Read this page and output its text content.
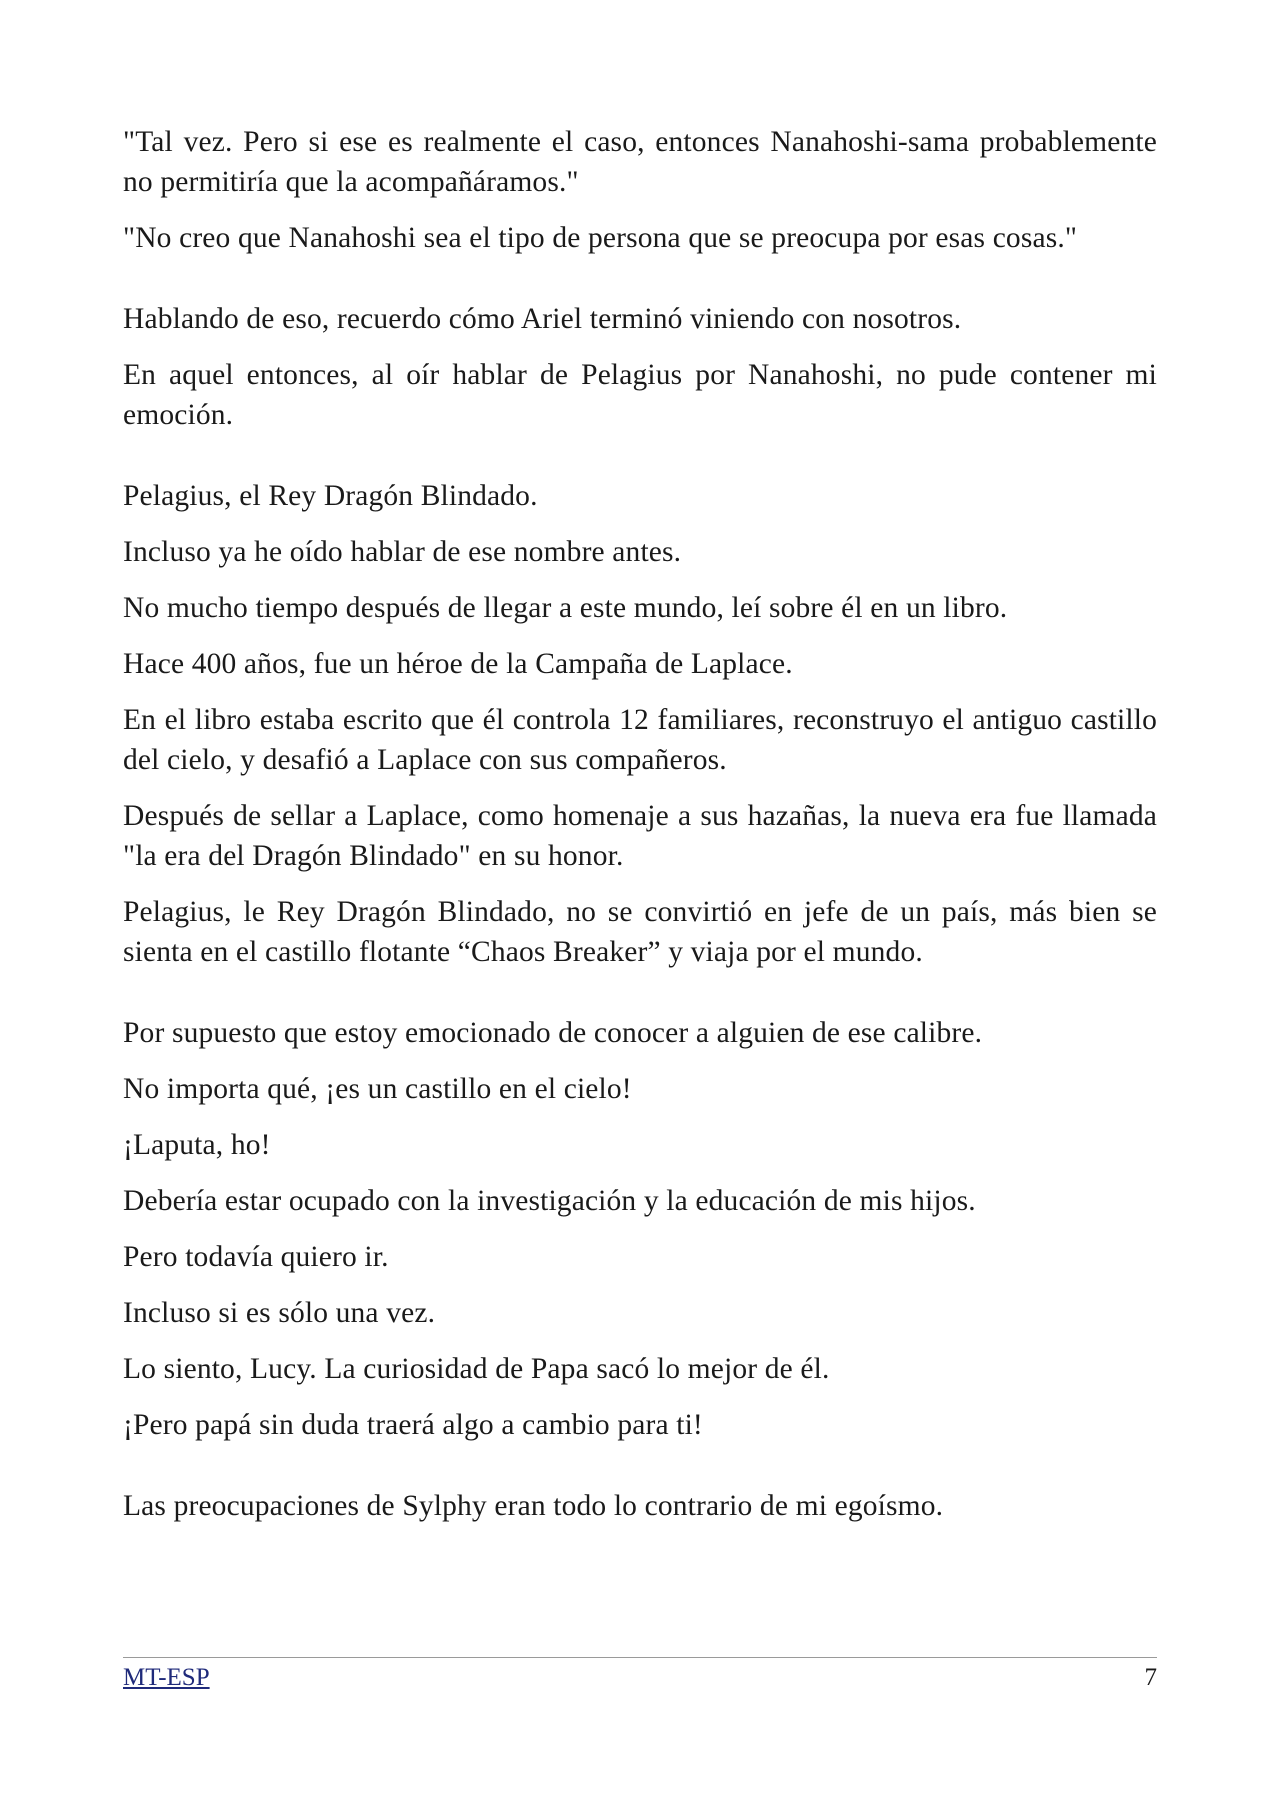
"Tal vez. Pero si ese es realmente el caso, entonces Nanahoshi-sama probablemente no permitiría que la acompañáramos."

"No creo que Nanahoshi sea el tipo de persona que se preocupa por esas cosas."

Hablando de eso, recuerdo cómo Ariel terminó viniendo con nosotros.

En aquel entonces, al oír hablar de Pelagius por Nanahoshi, no pude contener mi emoción.

Pelagius, el Rey Dragón Blindado.

Incluso ya he oído hablar de ese nombre antes.

No mucho tiempo después de llegar a este mundo, leí sobre él en un libro.

Hace 400 años, fue un héroe de la Campaña de Laplace.

En el libro estaba escrito que él controla 12 familiares, reconstruyo el antiguo castillo del cielo, y desafió a Laplace con sus compañeros.

Después de sellar a Laplace, como homenaje a sus hazañas, la nueva era fue llamada "la era del Dragón Blindado" en su honor.

Pelagius, le Rey Dragón Blindado, no se convirtió en jefe de un país, más bien se sienta en el castillo flotante “Chaos Breaker” y viaja por el mundo.

Por supuesto que estoy emocionado de conocer a alguien de ese calibre.

No importa qué, ¡es un castillo en el cielo!

¡Laputa, ho!

Debería estar ocupado con la investigación y la educación de mis hijos.

Pero todavía quiero ir.

Incluso si es sólo una vez.

Lo siento, Lucy. La curiosidad de Papa sacó lo mejor de él.

¡Pero papá sin duda traerá algo a cambio para ti!

Las preocupaciones de Sylphy eran todo lo contrario de mi egoísmo.

MT-ESP	7
